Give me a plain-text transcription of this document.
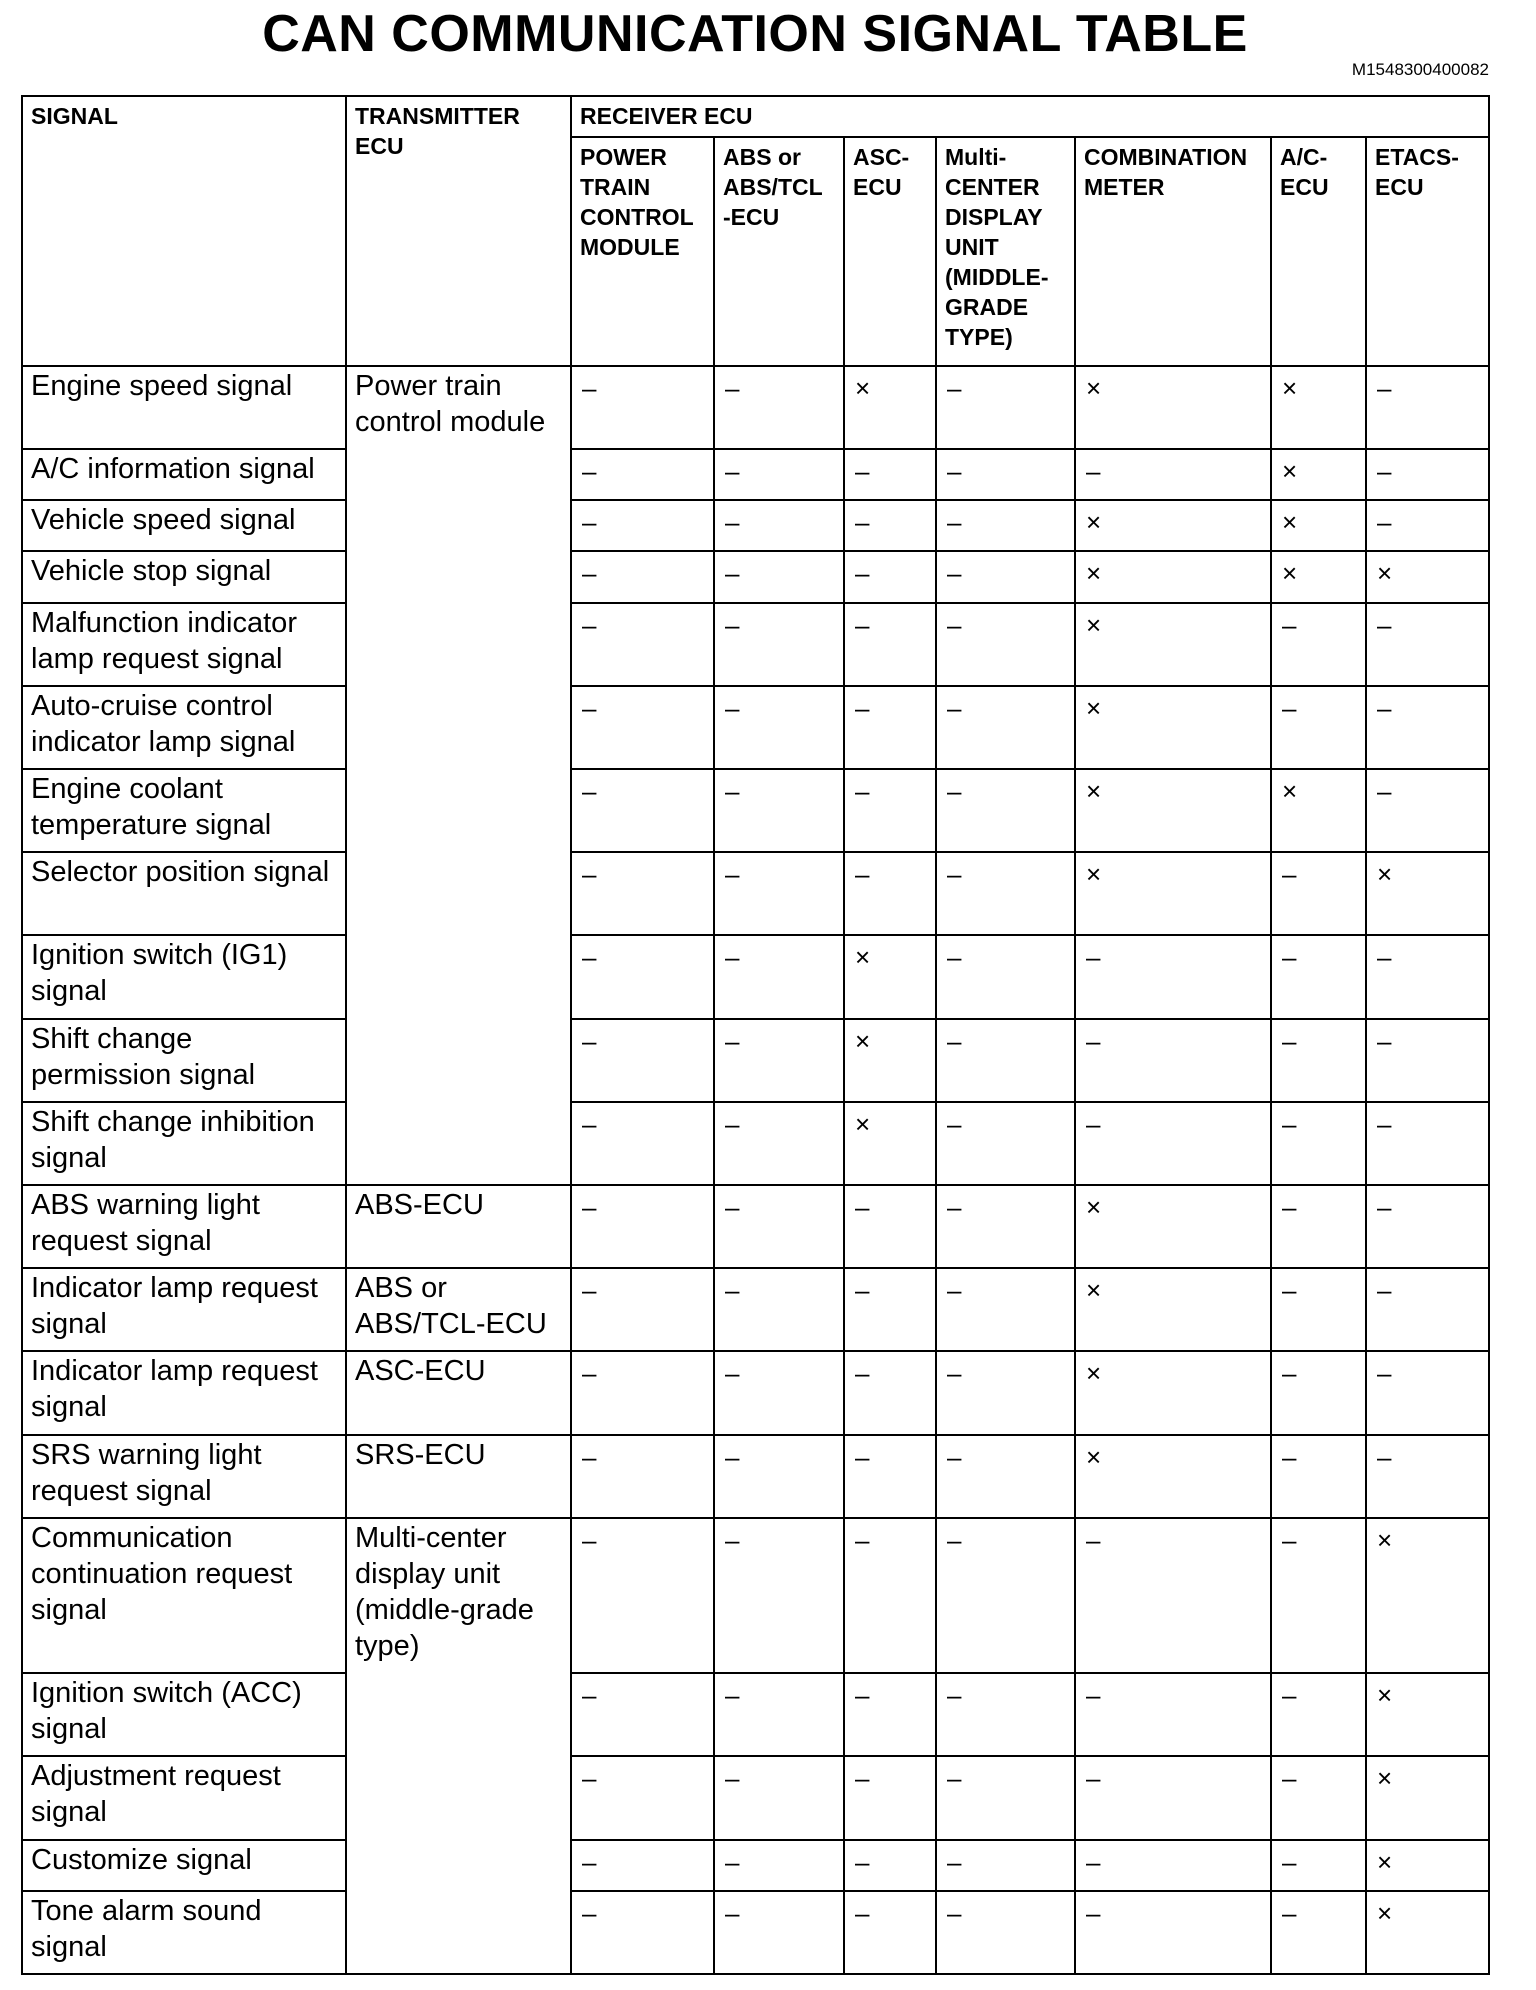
CAN COMMUNICATION SIGNAL TABLE
M1548300400082
SIGNAL	TRANSMITTER ECU	RECEIVER ECU						
		POWER TRAIN CONTROL MODULE	ABS or ABS/TCL -ECU	ASC- ECU	Multi- CENTER DISPLAY UNIT (MIDDLE- GRADE TYPE)	COMBINATION METER	A/C- ECU	ETACS- ECU
Engine speed signal	Power train control module	–	–	×	–	×	×	–
A/C information signal		–	–	–	–	–	×	–
Vehicle speed signal		–	–	–	–	×	×	–
Vehicle stop signal		–	–	–	–	×	×	×
Malfunction indicator lamp request signal		–	–	–	–	×	–	–
Auto-cruise control indicator lamp signal		–	–	–	–	×	–	–
Engine coolant temperature signal		–	–	–	–	×	×	–
Selector position signal		–	–	–	–	×	–	×
Ignition switch (IG1) signal		–	–	×	–	–	–	–
Shift change permission signal		–	–	×	–	–	–	–
Shift change inhibition signal		–	–	×	–	–	–	–
ABS warning light request signal	ABS-ECU	–	–	–	–	×	–	–
Indicator lamp request signal	ABS or ABS/TCL-ECU	–	–	–	–	×	–	–
Indicator lamp request signal	ASC-ECU	–	–	–	–	×	–	–
SRS warning light request signal	SRS-ECU	–	–	–	–	×	–	–
Communication continuation request signal	Multi-center display unit (middle-grade type)	–	–	–	–	–	–	×
Ignition switch (ACC) signal		–	–	–	–	–	–	×
Adjustment request signal		–	–	–	–	–	–	×
Customize signal		–	–	–	–	–	–	×
Tone alarm sound signal		–	–	–	–	–	–	×
